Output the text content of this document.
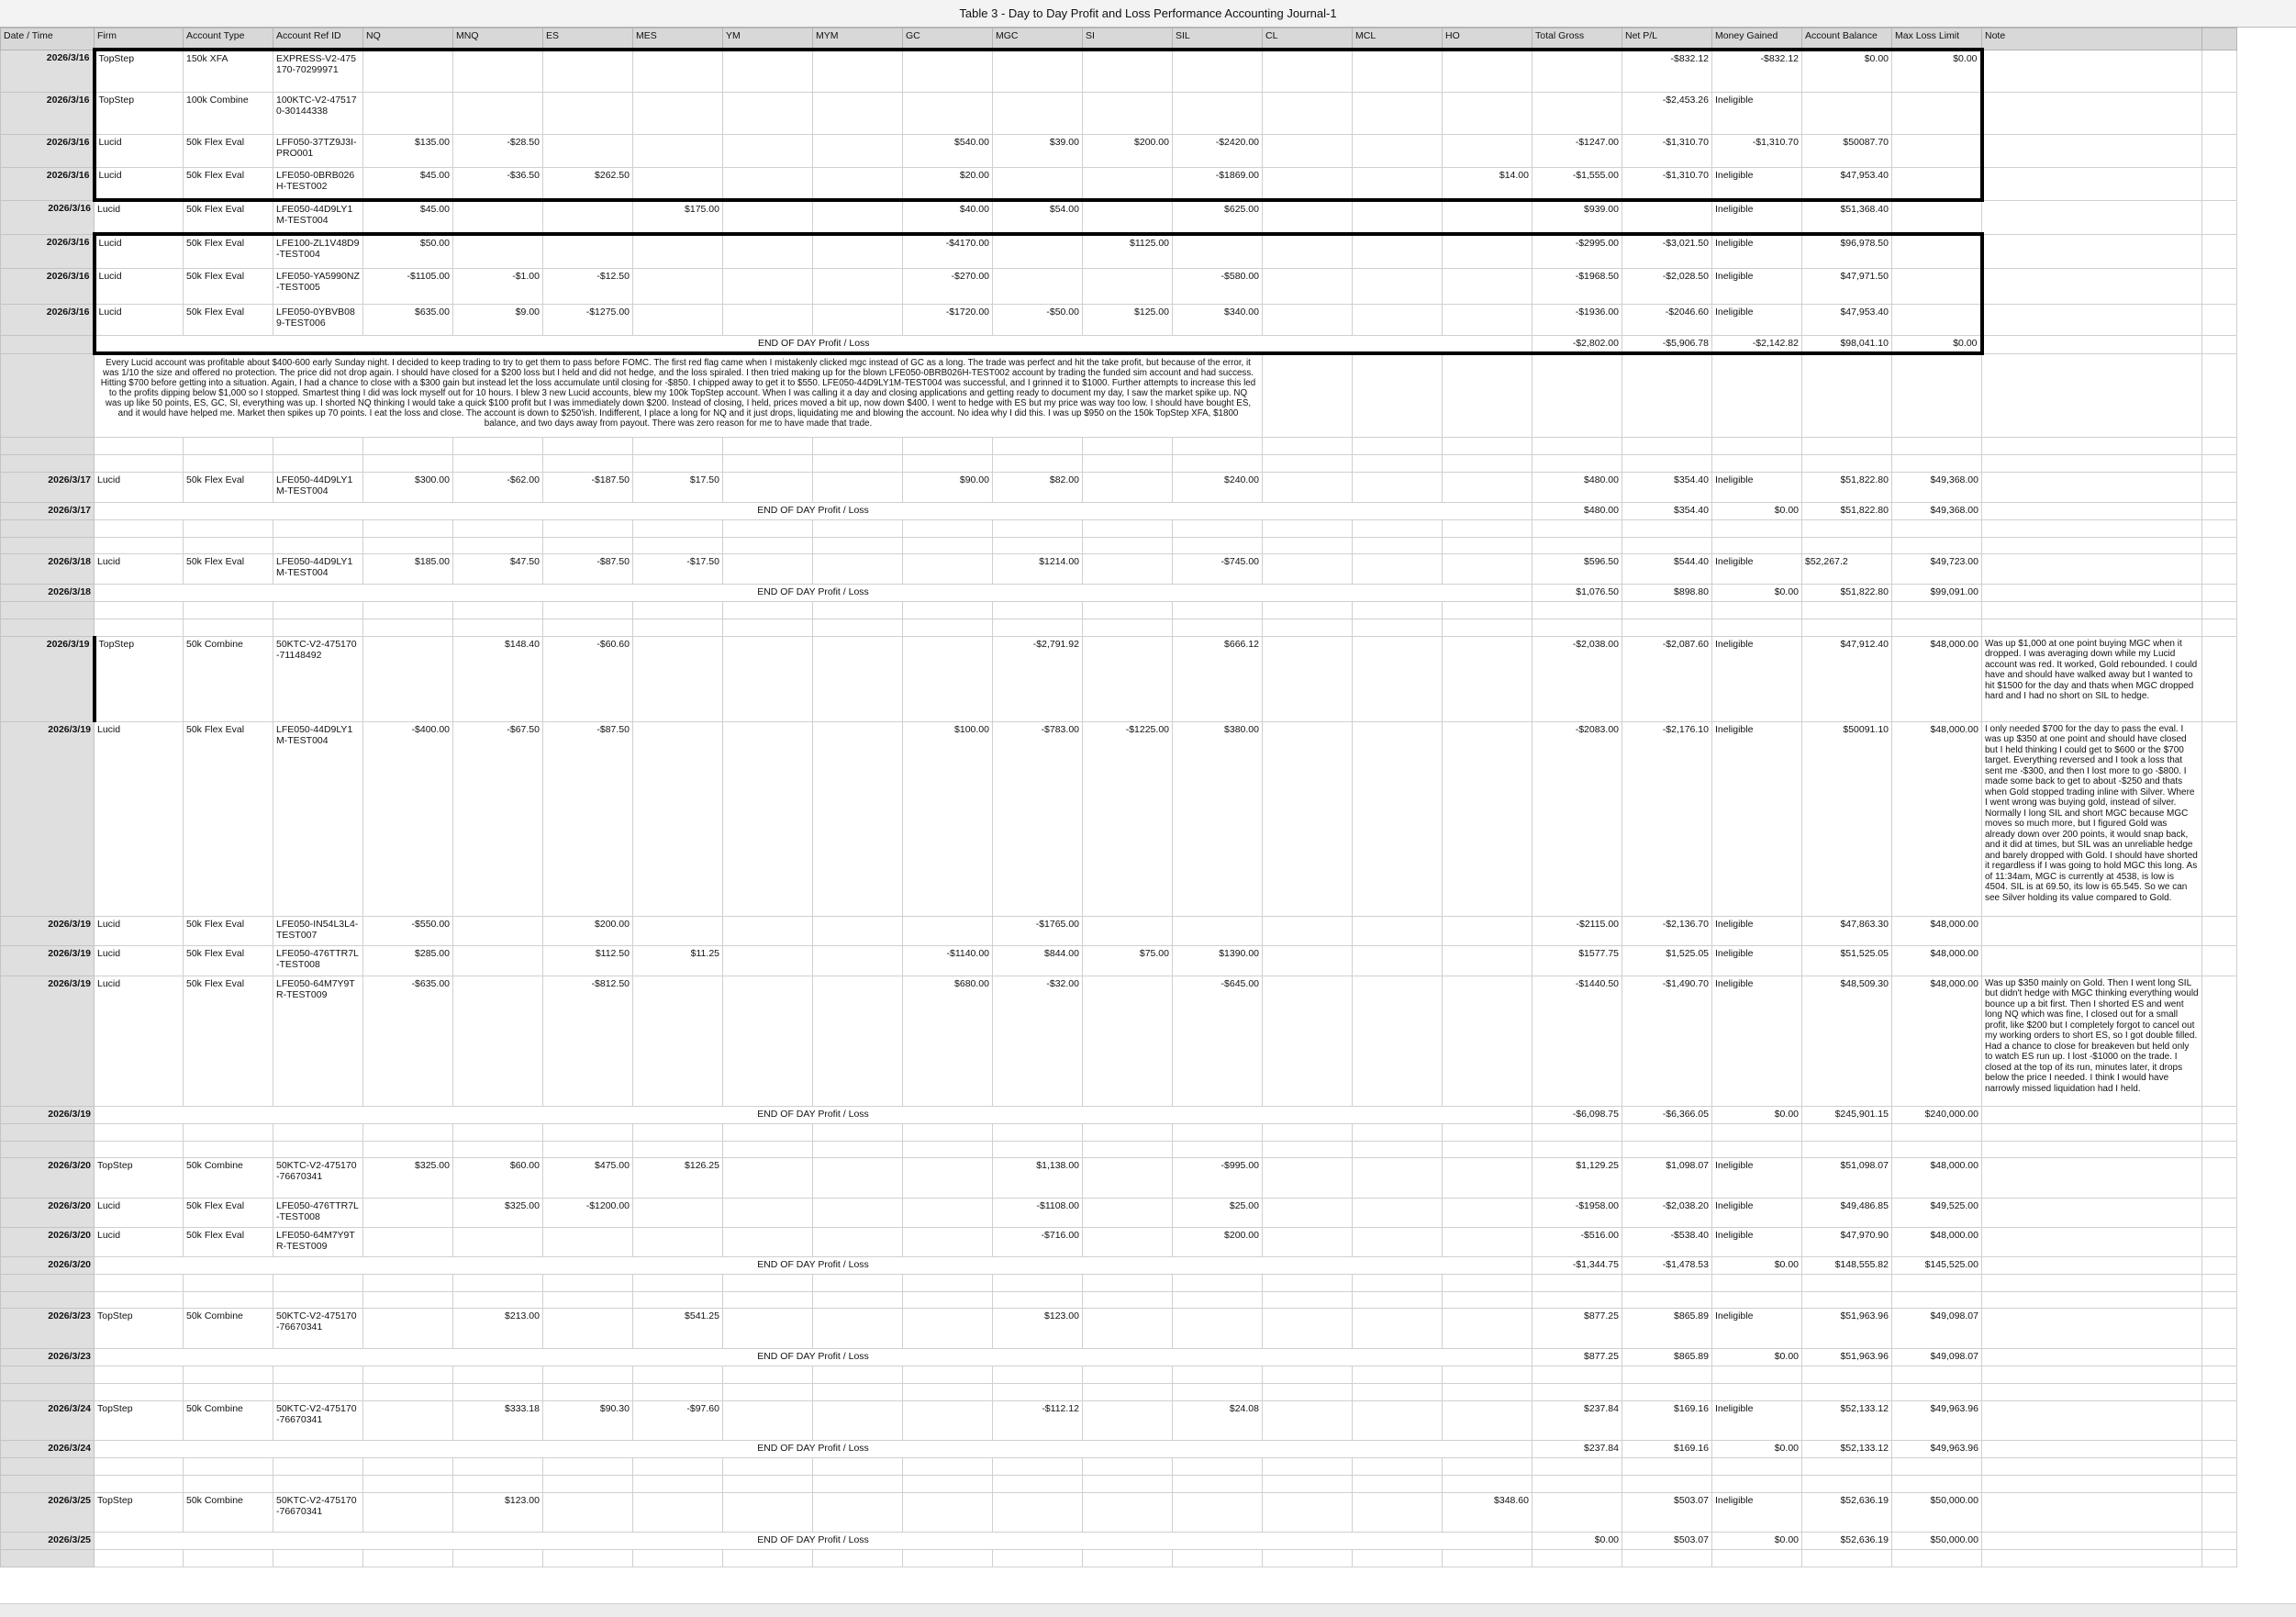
Table 3 - Day to Day Profit and Loss Performance Accounting Journal-1
Date / Time	Firm	Account Type	Account Ref ID	NQ	MNQ	ES	MES	YM	MYM	GC	MGC	SI	SIL	CL	MCL	HO	Total Gross	Net P/L	Money Gained	Account Balance	Max Loss Limit	Note	
2026/3/16	TopStep	150k XFA	EXPRESS-V2-475170-70299971															-$832.12	-$832.12	$0.00	$0.00		
2026/3/16	TopStep	100k Combine	100KTC-V2-475170-30144338															-$2,453.26	Ineligible				
2026/3/16	Lucid	50k Flex Eval	LFF050-37TZ9J3I-PRO001	$135.00	-$28.50					$540.00	$39.00	$200.00	-$2420.00				-$1247.00	-$1,310.70	-$1,310.70	$50087.70			
2026/3/16	Lucid	50k Flex Eval	LFE050-0BRB026H-TEST002	$45.00	-$36.50	$262.50				$20.00			-$1869.00			$14.00	-$1,555.00	-$1,310.70	Ineligible	$47,953.40			
2026/3/16	Lucid	50k Flex Eval	LFE050-44D9LY1M-TEST004	$45.00			$175.00			$40.00	$54.00		$625.00				$939.00		Ineligible	$51,368.40			
2026/3/16	Lucid	50k Flex Eval	LFE100-ZL1V48D9-TEST004	$50.00						-$4170.00		$1125.00					-$2995.00	-$3,021.50	Ineligible	$96,978.50			
2026/3/16	Lucid	50k Flex Eval	LFE050-YA5990NZ-TEST005	-$1105.00	-$1.00	-$12.50				-$270.00			-$580.00				-$1968.50	-$2,028.50	Ineligible	$47,971.50			
2026/3/16	Lucid	50k Flex Eval	LFE050-0YBVB089-TEST006	$635.00	$9.00	-$1275.00				-$1720.00	-$50.00	$125.00	$340.00				-$1936.00	-$2046.60	Ineligible	$47,953.40			
	END OF DAY Profit / Loss																-$2,802.00	-$5,906.78	-$2,142.82	$98,041.10	$0.00		
	Every Lucid account was profitable about $400-600 early Sunday night. I decided to keep trading to try to get them to pass before FOMC. The first red flag came when I mistakenly clicked mgc instead of GC as a long. The trade was perfect and hit the take profit, but because of the error, it was 1/10 the size and offered no protection. The price did not drop again. I should have closed for a $200 loss but I held and did not hedge, and the loss spiraled. I then tried making up for the blown LFE050-0BRB026H-TEST002 account by trading the funded sim account and had success. Hitting $700 before getting into a situation. Again, I had a chance to close with a $300 gain but instead let the loss accumulate until closing for -$850. I chipped away to get it to $550. LFE050-44D9LY1M-TEST004 was successful, and I grinned it to $1000. Further attempts to increase this led to the profits dipping below $1,000 so I stopped. Smartest thing I did was lock myself out for 10 hours. I blew 3 new Lucid accounts, blew my 100k TopStep account. When I was calling it a day and closing applications and getting ready to document my day, I saw the market spike up. NQ was up like 50 points, ES, GC, SI, everything was up. I shorted NQ thinking I would take a quick $100 profit but I was immediately down $200. Instead of closing, I held, prices moved a bit up, now down $400. I went to hedge with ES but my price was way too low. I should have bought ES, and it would have helped me. Market then spikes up 70 points. I eat the loss and close. The account is down to $250'ish. Indifferent, I place a long for NQ and it just drops, liquidating me and blowing the account. No idea why I did this. I was up $950 on the 150k TopStep XFA, $1800 balance, and two days away from payout. There was zero reason for me to have made that trade.																						

2026/3/17	Lucid	50k Flex Eval	LFE050-44D9LY1M-TEST004	$300.00	-$62.00	-$187.50	$17.50			$90.00	$82.00		$240.00				$480.00	$354.40	Ineligible	$51,822.80	$49,368.00		
2026/3/17	END OF DAY Profit / Loss																$480.00	$354.40	$0.00	$51,822.80	$49,368.00		

2026/3/18	Lucid	50k Flex Eval	LFE050-44D9LY1M-TEST004	$185.00	$47.50	-$87.50	-$17.50				$1214.00		-$745.00				$596.50	$544.40	Ineligible	$52,267.2	$49,723.00		
2026/3/18	END OF DAY Profit / Loss																$1,076.50	$898.80	$0.00	$51,822.80	$99,091.00		

2026/3/19	TopStep	50k Combine	50KTC-V2-475170-71148492		$148.40	-$60.60					-$2,791.92		$666.12				-$2,038.00	-$2,087.60	Ineligible	$47,912.40	$48,000.00	Was up $1,000 at one point buying MGC when it dropped. I was averaging down while my Lucid account was red. It worked, Gold rebounded. I could have and should have walked away but I wanted to hit $1500 for the day and thats when MGC dropped hard and I had no short on SIL to hedge.	
2026/3/19	Lucid	50k Flex Eval	LFE050-44D9LY1M-TEST004	-$400.00	-$67.50	-$87.50				$100.00	-$783.00	-$1225.00	$380.00				-$2083.00	-$2,176.10	Ineligible	$50091.10	$48,000.00	I only needed $700 for the day to pass the eval. I was up $350 at one point and should have closed but I held thinking I could get to $600 or the $700 target. Everything reversed and I took a loss that sent me -$300, and then I lost more to go -$800. I made some back to get to about -$250 and thats when Gold stopped trading inline with Silver. Where I went wrong was buying gold, instead of silver. Normally I long SIL and short MGC because MGC moves so much more, but I figured Gold was already down over 200 points, it would snap back, and it did at times, but SIL was an unreliable hedge and barely dropped with Gold. I should have shorted it regardless if I was going to hold MGC this long. As of 11:34am, MGC is currently at 4538, is low is 4504. SIL is at 69.50, its low is 65.545. So we can see Silver holding its value compared to Gold.	
2026/3/19	Lucid	50k Flex Eval	LFE050-IN54L3L4-TEST007	-$550.00		$200.00					-$1765.00						-$2115.00	-$2,136.70	Ineligible	$47,863.30	$48,000.00		
2026/3/19	Lucid	50k Flex Eval	LFE050-476TTR7L-TEST008	$285.00		$112.50	$11.25			-$1140.00	$844.00	$75.00	$1390.00				$1577.75	$1,525.05	Ineligible	$51,525.05	$48,000.00		
2026/3/19	Lucid	50k Flex Eval	LFE050-64M7Y9TR-TEST009	-$635.00		-$812.50				$680.00	-$32.00		-$645.00				-$1440.50	-$1,490.70	Ineligible	$48,509.30	$48,000.00	Was up $350 mainly on Gold. Then I went long SIL but didn't hedge with MGC thinking everything would bounce up a bit first. Then I shorted ES and went long NQ which was fine, I closed out for a small profit, like $200 but I completely forgot to cancel out my working orders to short ES, so I got double filled. Had a chance to close for breakeven but held only to watch ES run up. I lost -$1000 on the trade. I closed at the top of its run, minutes later, it drops below the price I needed. I think I would have narrowly missed liquidation had I held.	
2026/3/19	END OF DAY Profit / Loss																-$6,098.75	-$6,366.05	$0.00	$245,901.15	$240,000.00		

2026/3/20	TopStep	50k Combine	50KTC-V2-475170-76670341	$325.00	$60.00	$475.00	$126.25				$1,138.00		-$995.00				$1,129.25	$1,098.07	Ineligible	$51,098.07	$48,000.00		
2026/3/20	Lucid	50k Flex Eval	LFE050-476TTR7L-TEST008		$325.00	-$1200.00					-$1108.00		$25.00				-$1958.00	-$2,038.20	Ineligible	$49,486.85	$49,525.00		
2026/3/20	Lucid	50k Flex Eval	LFE050-64M7Y9TR-TEST009								-$716.00		$200.00				-$516.00	-$538.40	Ineligible	$47,970.90	$48,000.00		
2026/3/20	END OF DAY Profit / Loss																-$1,344.75	-$1,478.53	$0.00	$148,555.82	$145,525.00		

2026/3/23	TopStep	50k Combine	50KTC-V2-475170-76670341		$213.00		$541.25				$123.00						$877.25	$865.89	Ineligible	$51,963.96	$49,098.07		
2026/3/23	END OF DAY Profit / Loss																$877.25	$865.89	$0.00	$51,963.96	$49,098.07		

2026/3/24	TopStep	50k Combine	50KTC-V2-475170-76670341		$333.18	$90.30	-$97.60				-$112.12		$24.08				$237.84	$169.16	Ineligible	$52,133.12	$49,963.96		
2026/3/24	END OF DAY Profit / Loss																$237.84	$169.16	$0.00	$52,133.12	$49,963.96		

2026/3/25	TopStep	50k Combine	50KTC-V2-475170-76670341		$123.00											$348.60		$503.07	Ineligible	$52,636.19	$50,000.00		
2026/3/25	END OF DAY Profit / Loss																$0.00	$503.07	$0.00	$52,636.19	$50,000.00		
